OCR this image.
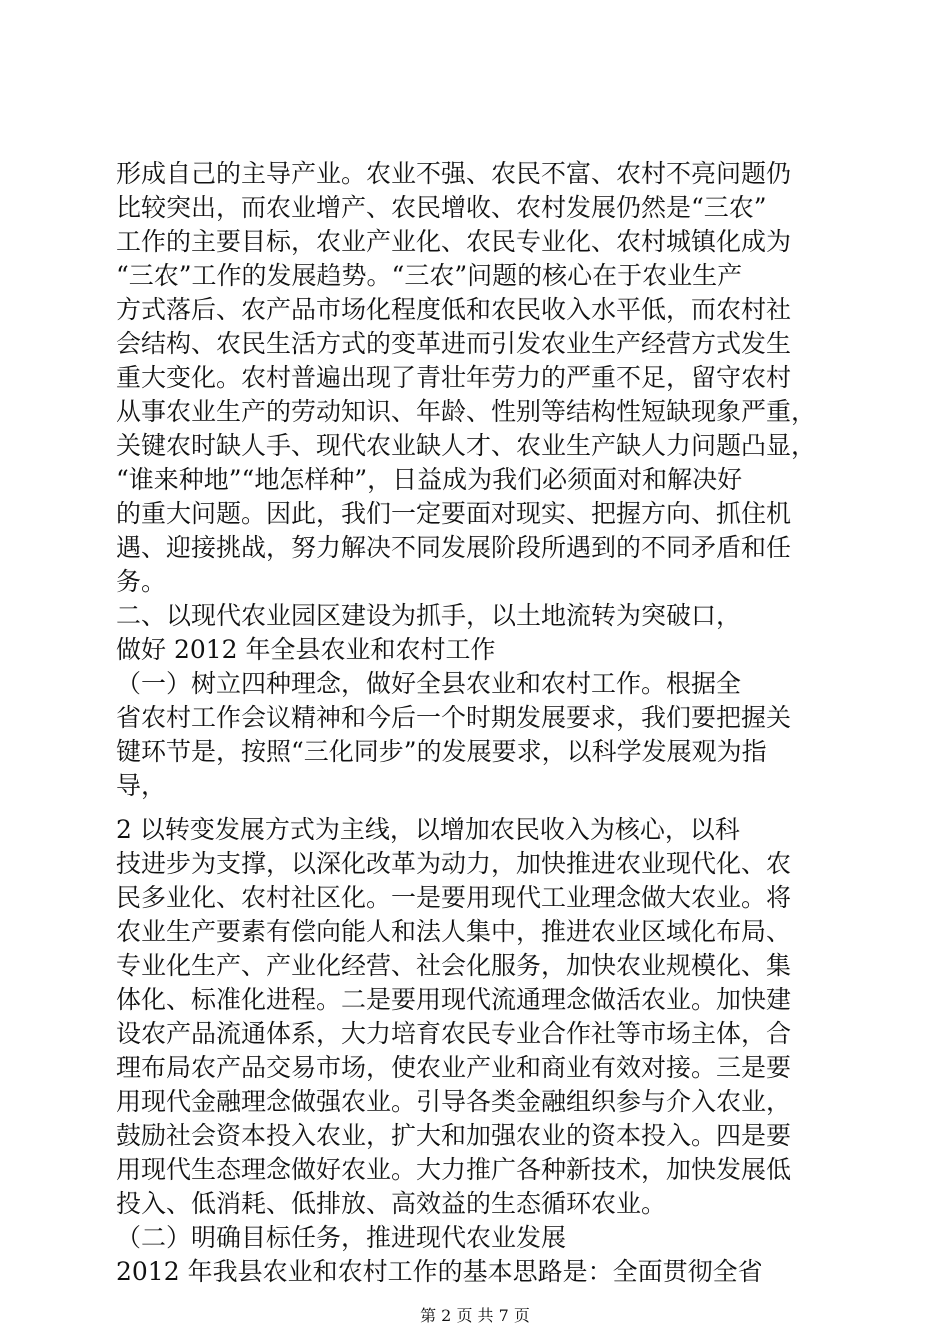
形成自己的主导产业。农业不强、农民不富、农村不亮问题仍
比较突出，而农业增产、农民增收、农村发展仍然是“三农”
工作的主要目标，农业产业化、农民专业化、农村城镇化成为
“三农”工作的发展趋势。“三农”问题的核心在于农业生产
方式落后、农产品市场化程度低和农民收入水平低，而农村社
会结构、农民生活方式的变革进而引发农业生产经营方式发生
重大变化。农村普遍出现了青壮年劳力的严重不足，留守农村
从事农业生产的劳动知识、年龄、性别等结构性短缺现象严重，
关键农时缺人手、现代农业缺人才、农业生产缺人力问题凸显，
“谁来种地”“地怎样种”，日益成为我们必须面对和解决好
的重大问题。因此，我们一定要面对现实、把握方向、抓住机
遇、迎接挑战，努力解决不同发展阶段所遇到的不同矛盾和任
务。
二、以现代农业园区建设为抓手，以土地流转为突破口，
做好 2012 年全县农业和农村工作
（一）树立四种理念，做好全县农业和农村工作。根据全
省农村工作会议精神和今后一个时期发展要求，我们要把握关
键环节是，按照“三化同步”的发展要求，以科学发展观为指
导，
2 以转变发展方式为主线，以增加农民收入为核心，以科
技进步为支撑，以深化改革为动力，加快推进农业现代化、农
民多业化、农村社区化。一是要用现代工业理念做大农业。将
农业生产要素有偿向能人和法人集中，推进农业区域化布局、
专业化生产、产业化经营、社会化服务，加快农业规模化、集
体化、标准化进程。二是要用现代流通理念做活农业。加快建
设农产品流通体系，大力培育农民专业合作社等市场主体，合
理布局农产品交易市场，使农业产业和商业有效对接。三是要
用现代金融理念做强农业。引导各类金融组织参与介入农业，
鼓励社会资本投入农业，扩大和加强农业的资本投入。四是要
用现代生态理念做好农业。大力推广各种新技术，加快发展低
投入、低消耗、低排放、高效益的生态循环农业。
（二）明确目标任务，推进现代农业发展
2012 年我县农业和农村工作的基本思路是：全面贯彻全省
第 2 页 共 7 页
